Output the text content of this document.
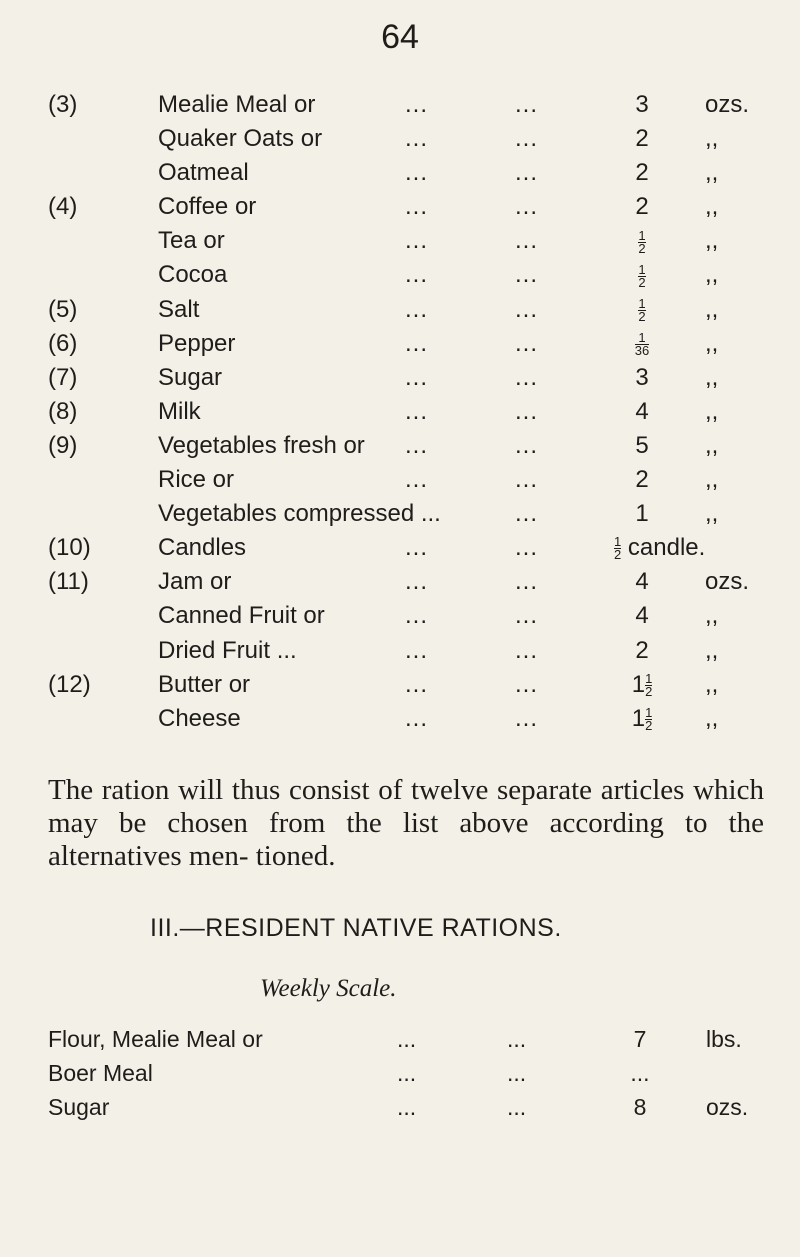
64
(3)	Mealie Meal or	...	...	3	ozs.
Quaker Oats or	...	...	2	,,
Oatmeal	...	...	2	,,
(4)	Coffee or	...	...	2	,,
Tea or	...	...	$\frac{1}{2}$ ,,
Cocoa	...	...	$\frac{1}{2}$ ,,
(5)	Salt	...	...	$\frac{1}{2}$ ,,
(6)	Pepper	...	...	$\frac{1}{36}$ ,,
(7)	Sugar	...	...	3	,,
(8)	Milk	...	...	4	,,
(9)	Vegetables fresh or ...	...	5	,,
Rice or	...	...	2	,,
Vegetables compressed ...	...	1	,,
(10)	Candles	...	...	$\frac{1}{2}$ candle.
(11)	Jam or	...	...	4	ozs.
Canned Fruit or	...	...	4	,,
Dried Fruit ...	...	...	2	,,
(12)	Butter or	...	...	$1 \frac{1}{2}$ ,,
Cheese	...	...	$1 \frac{1}{2}$ ,,
The ration will thus consist of twelve separate articles which may be chosen from the list above according to the alternatives men- tioned.
III.—RESIDENT NATIVE RATIONS.
Weekly Scale.
Flour, Mealie Meal or	...	...	7	lbs.
Boer Meal	...	...	...
Sugar	...	...	8	ozs.
